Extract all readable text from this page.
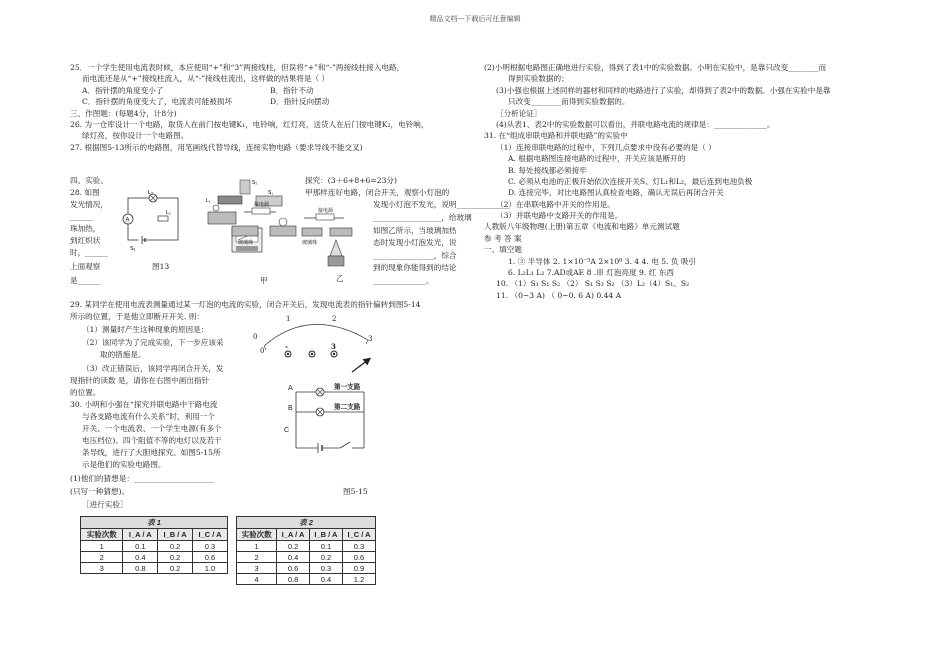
精品文档---下载后可任意编辑
25．一个学生使用电流表时候，本应使用“+”和“3”两接线柱，但误将“+”和“-”两接线柱接入电路，
而电流还是从“+”接线柱流入，从“-”接线柱流出，这样做的结果将是（ ）
A．指针摆的角度变小了	B．指针不动
C．指针摆的角度变大了，电流表可能被损坏	D．指针反向摆动
三、作图题：(每题4分，计8分)
26. 为一仓库设计一个电路，取货人在前门按电键K₁，电铃响，红灯亮，送货人在后门按电键K₂，电铃响，
绿灯亮，按你设计一个电路图。
27. 根据图5-13所示的电路图，用笔画线代替导线，连接实物电路（要求导线不能交叉)
四、实验、
28. 如图
发光情况，
珠加热，
到红炽状
时，______
上面观察
是______
______	A
L₂
L₁
S₁
图13
L₁
S₂
S₁
接电源
玻璃珠
甲
接电源
玻璃珠
乙
探究：(3＋6+8+6=23分)
甲那样连好电路，闭合开关，观察小灯泡的
发现小灯泡不发光，说明______________
__________________，给玻璃
如图乙所示，当玻璃加热
态时发现小灯泡发光，说
________________，综合
到的现象你能得到的结论
______________。
29. 某同学在使用电流表测量通过某一灯泡的电流的实验，闭合开关后，发现电流表的指针偏转到图5-14
所示的位置，于是他立即断开开关. 则：
（1）测量时产生这种现象的原因是：
（2）该同学为了完成实验，下一步应该采
取的措施是。
（3）改正错误后，该同学再闭合开关，发
现指针的读数 是，请你在右图中画出指针
的位置。
0
0
1	2
3
-	3
30. 小明和小强在“探究并联电路中干路电流
与各支路电流有什么关系”时，利用一个
开关、一个电流表、一个学生电源(有多个
电压档位)、四个阻值不等的电灯以及若干
条导线，进行了大胆地探究。如图5-15所
示是他们的实验电路图。
(1)他们的猜想是：_____________________
(只写一种猜想)。
［进行实验］
A
B
C
第一支路
第二支路
图5-15
表 1			
实验次数	I_A / A	I_B / A	I_C / A
1	0.1	0.2	0.3
2	0.4	0.2	0.6
3	0.8	0.2	1.0
表 2			
实验次数	I_A / A	I_B / A	I_C / A
1	0.2	0.1	0.3
2	0.4	0.2	0.6
3	0.6	0.3	0.9
4	0.8	0.4	1.2
(2)小明根据电路图正确地进行实验，得到了表1中的实验数据。小明在实验中，是靠只改变________而
得到实验数据的；
(3)小强也根据上述同样的器材和同样的电路进行了实验，却得到了表2中的数据。小强在实验中是靠
只改变________而得到实验数据的。
［分析论证］
(4)从表1、表2中的实验数据可以看出，并联电路电流的规律是：______________。
31. 在“组成串联电路和并联电路”的实验中
（1）连接串联电路的过程中，下列几点要求中没有必要的是（ ）
A. 根据电路图连接电路的过程中，开关应该是断开的
B. 每处接线都必须接牢
C. 必须从电池的正极开始依次连接开关S、灯L₁和L₂，最后连到电池负极
D. 连接完毕，对比电路图认真检查电路，确认无误后再闭合开关
（2）在串联电路中开关的作用是。
（3）并联电路中支路开关的作用是。
人教版八年级物理(上册)第五章《电流和电路》单元测试题
参 考 答 案
一、填空题
1. ③ 半导体 2. 1×10⁻⁵A 2×10⁸ 3. 4 4. 电 5. 负 吸引
6. L₂L₁ L₂ 7.AD或AE 8 .串 灯泡亮度 9. 红 东西
10. （1）S₁ S₁ S₂ （2） S₁ S₃ S₂ （3）L₂（4）S₁、S₂
11. （0~3 A) （ 0~0. 6 A) 0.44 A
